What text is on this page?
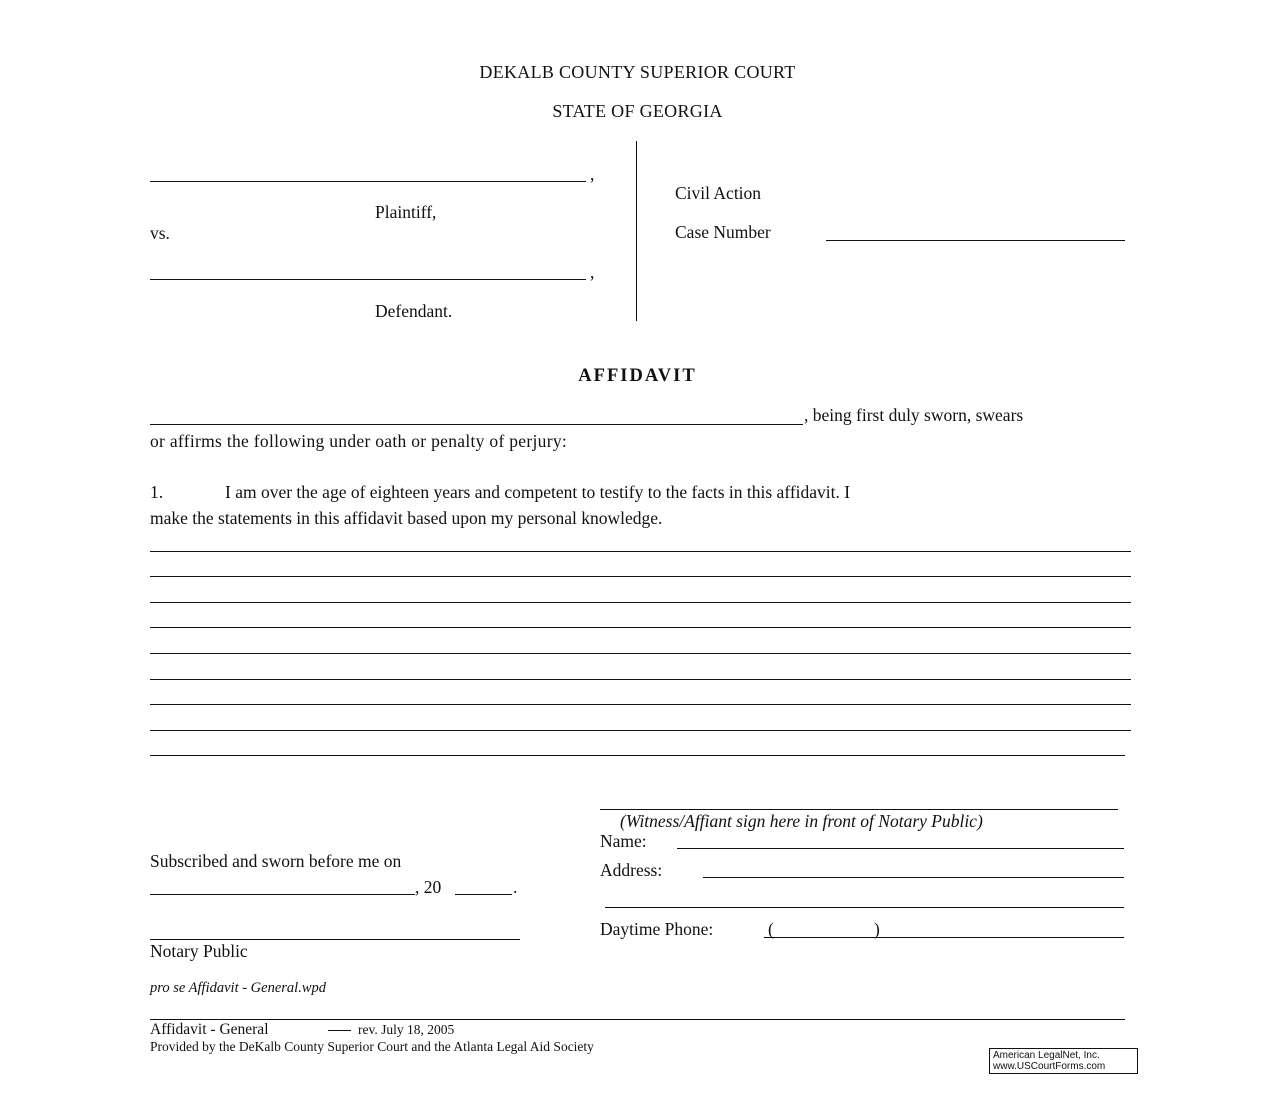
DEKALB COUNTY SUPERIOR COURT
STATE OF GEORGIA
,
Plaintiff,
vs.
,
Defendant.
Civil Action
Case Number
AFFIDAVIT
, being first duly sworn, swears
or affirms the following under oath or penalty of perjury:
1.	I am over the age of eighteen years and competent to testify to the facts in this affidavit. I
make the statements in this affidavit based upon my personal knowledge.
(Witness/Affiant sign here in front of Notary Public)
Name:
Address:
Daytime Phone:	(	)
Subscribed and sworn before me on
, 20	.
Notary Public
pro se Affidavit - General.wpd
Affidavit - General	rev. July 18, 2005
Provided by the DeKalb County Superior Court and the Atlanta Legal Aid Society
American LegalNet, Inc.
www.USCourtForms.com
